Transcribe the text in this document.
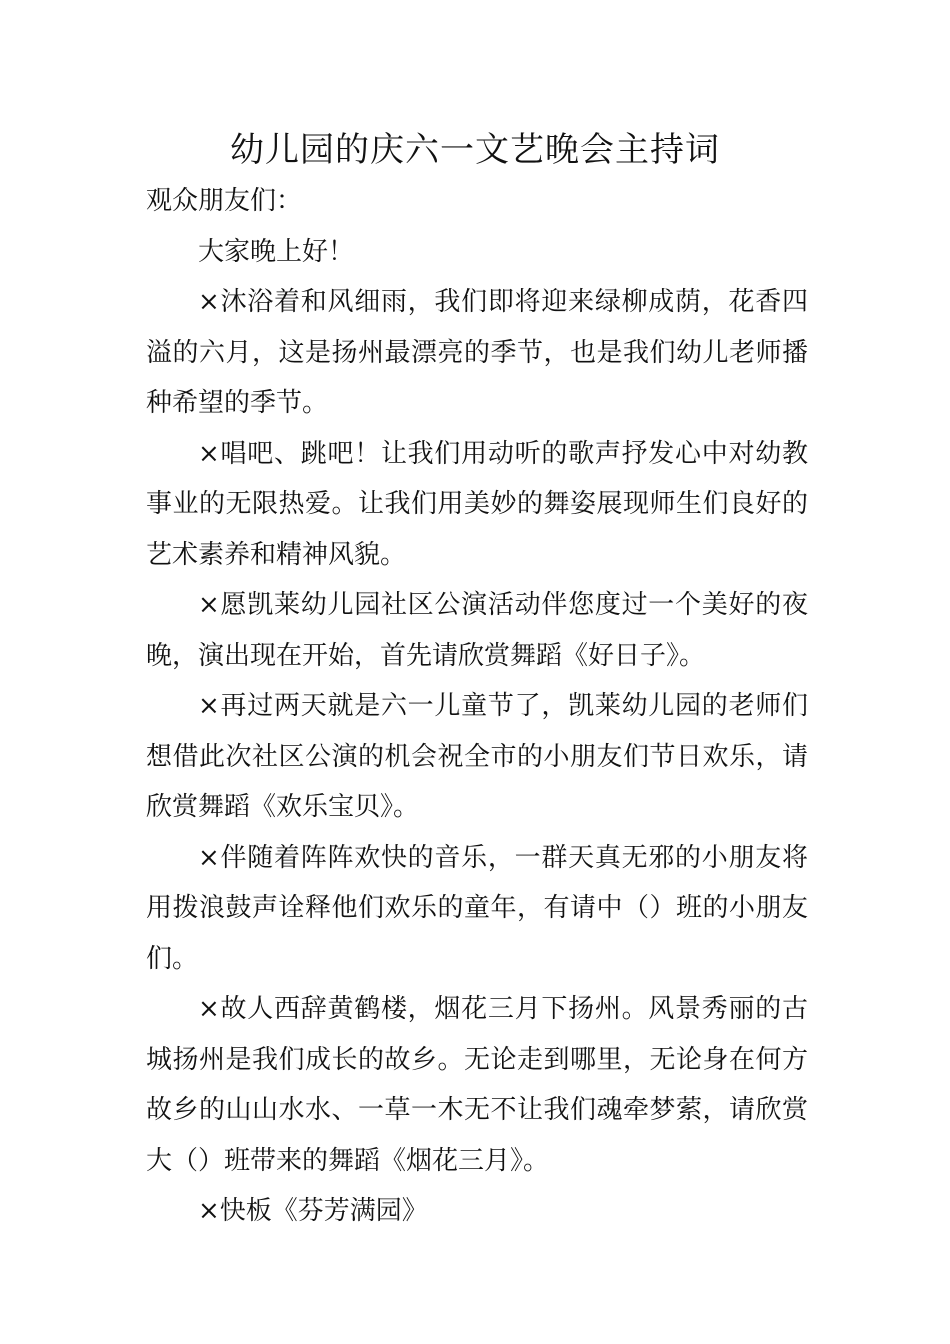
幼儿园的庆六一文艺晚会主持词

观众朋友们：

大家晚上好！

×沐浴着和风细雨，我们即将迎来绿柳成荫，花香四溢的六月，这是扬州最漂亮的季节，也是我们幼儿老师播种希望的季节。

×唱吧、跳吧！让我们用动听的歌声抒发心中对幼教事业的无限热爱。让我们用美妙的舞姿展现师生们良好的艺术素养和精神风貌。

×愿凯莱幼儿园社区公演活动伴您度过一个美好的夜晚，演出现在开始，首先请欣赏舞蹈《好日子》。

×再过两天就是六一儿童节了，凯莱幼儿园的老师们想借此次社区公演的机会祝全市的小朋友们节日欢乐，请欣赏舞蹈《欢乐宝贝》。

×伴随着阵阵欢快的音乐，一群天真无邪的小朋友将用拨浪鼓声诠释他们欢乐的童年，有请中（）班的小朋友们。

×故人西辞黄鹤楼，烟花三月下扬州。风景秀丽的古城扬州是我们成长的故乡。无论走到哪里，无论身在何方故乡的山山水水、一草一木无不让我们魂牵梦萦，请欣赏大（）班带来的舞蹈《烟花三月》。

×快板《芬芳满园》
